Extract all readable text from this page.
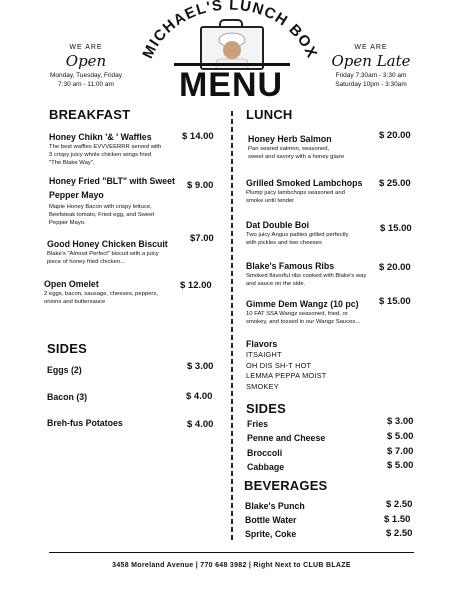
MICHAEL'S LUNCH BOX
MENU
WE ARE
Open
Monday, Tuesday, Friday
7:30 am - 11:00 am
WE ARE
Open Late
Friday 7:30am - 3:30 am
Saturday 10pm - 3:30am
BREAKFAST
Honey Chikn '& ' Waffles
The best waffles EVVVEERRR served with
3 crispy juicy whole chicken wings fried
"The Blake Way".
$ 14.00
Honey Fried "BLT" with Sweet
Pepper Mayo
Maple Honey Bacon with crispy lettuce,
Beefsteak tomato, Fried egg, and Sweet
Pepper Mayo.
$ 9.00
Good Honey Chicken Biscuit
Blake's "Almost Perfect" biscuit with a juicy
piece of honey fried chicken...
$7.00
Open Omelet
2 eggs, bacon, sausage, cheeses, peppers,
onions and buttersauce
$ 12.00
SIDES
Eggs (2)	$ 3.00
Bacon (3)	$ 4.00
Breh-fus Potatoes	$ 4.00
LUNCH
Honey Herb Salmon
Pan seared salmon, seasoned,
sweet and savory with a honey glaze
$ 20.00
Grilled Smoked Lambchops
Plump juicy lambchops seasoned and
smoke until tender
$ 25.00
Dat Double Boi
Two juicy Angus patties grilled perfectly
with pickles and two cheeses
$ 15.00
Blake's Famous Ribs
Smoked flavorful ribs cooked with Blake's way
and sauce on the side.
$ 20.00
Gimme Dem Wangz (10 pc)
10 FAT SSA Wangz seasoned, fried, or
smokey, and tossed in our Wangz Sauces...
$ 15.00
Flavors
ITSAIGHT
OH DIS SH-T HOT
LEMMA PEPPA MOIST
SMOKEY
SIDES
Fries	$ 3.00
Penne and Cheese	$ 5.00
Broccoli	$ 7.00
Cabbage	$ 5.00
BEVERAGES
Blake's Punch	$ 2.50
Bottle Water	$ 1.50
Sprite, Coke	$ 2.50
3458 Moreland Avenue | 770 648 3982 | Right Next to CLUB BLAZE
